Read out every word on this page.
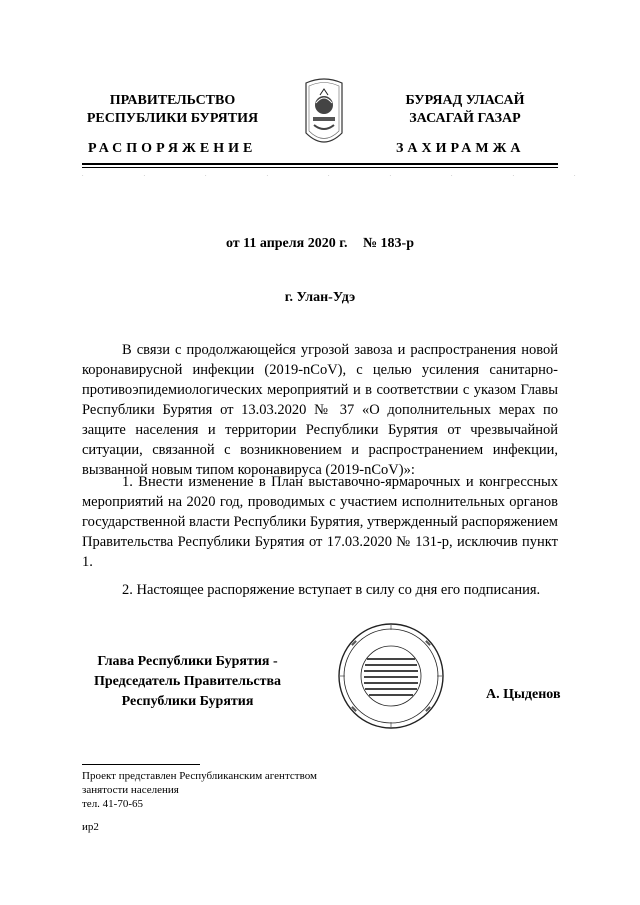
ПРАВИТЕЛЬСТВО
РЕСПУБЛИКИ БУРЯТИЯ
БУРЯАД УЛАСАЙ
ЗАСАГАЙ ГАЗАР
РАСПОРЯЖЕНИЕ	ЗАХИРАМЖА
.........
от 11 апреля 2020 г. № 183-р
г. Улан-Удэ
В связи с продолжающейся угрозой завоза и распространения новой коронавирусной инфекции (2019-nCoV), с целью усиления санитарно-противоэпидемиологических мероприятий и в соответствии с указом Главы Республики Бурятия от 13.03.2020 № 37 «О дополнительных мерах по защите населения и территории Республики Бурятия от чрезвычайной ситуации, связанной с возникновением и распространением инфекции, вызванной новым типом коронавируса (2019-nCoV)»:
1. Внести изменение в План выставочно-ярмарочных и конгрессных мероприятий на 2020 год, проводимых с участием исполнительных органов государственной власти Республики Бурятия, утвержденный распоряжением Правительства Республики Бурятия от 17.03.2020 № 131-р, исключив пункт 1.
2. Настоящее распоряжение вступает в силу со дня его подписания.
Глава Республики Бурятия -
Председатель Правительства
Республики Бурятия	А. Цыденов
Проект представлен Республиканским агентством
занятости населения
тел. 41-70-65
ир2
